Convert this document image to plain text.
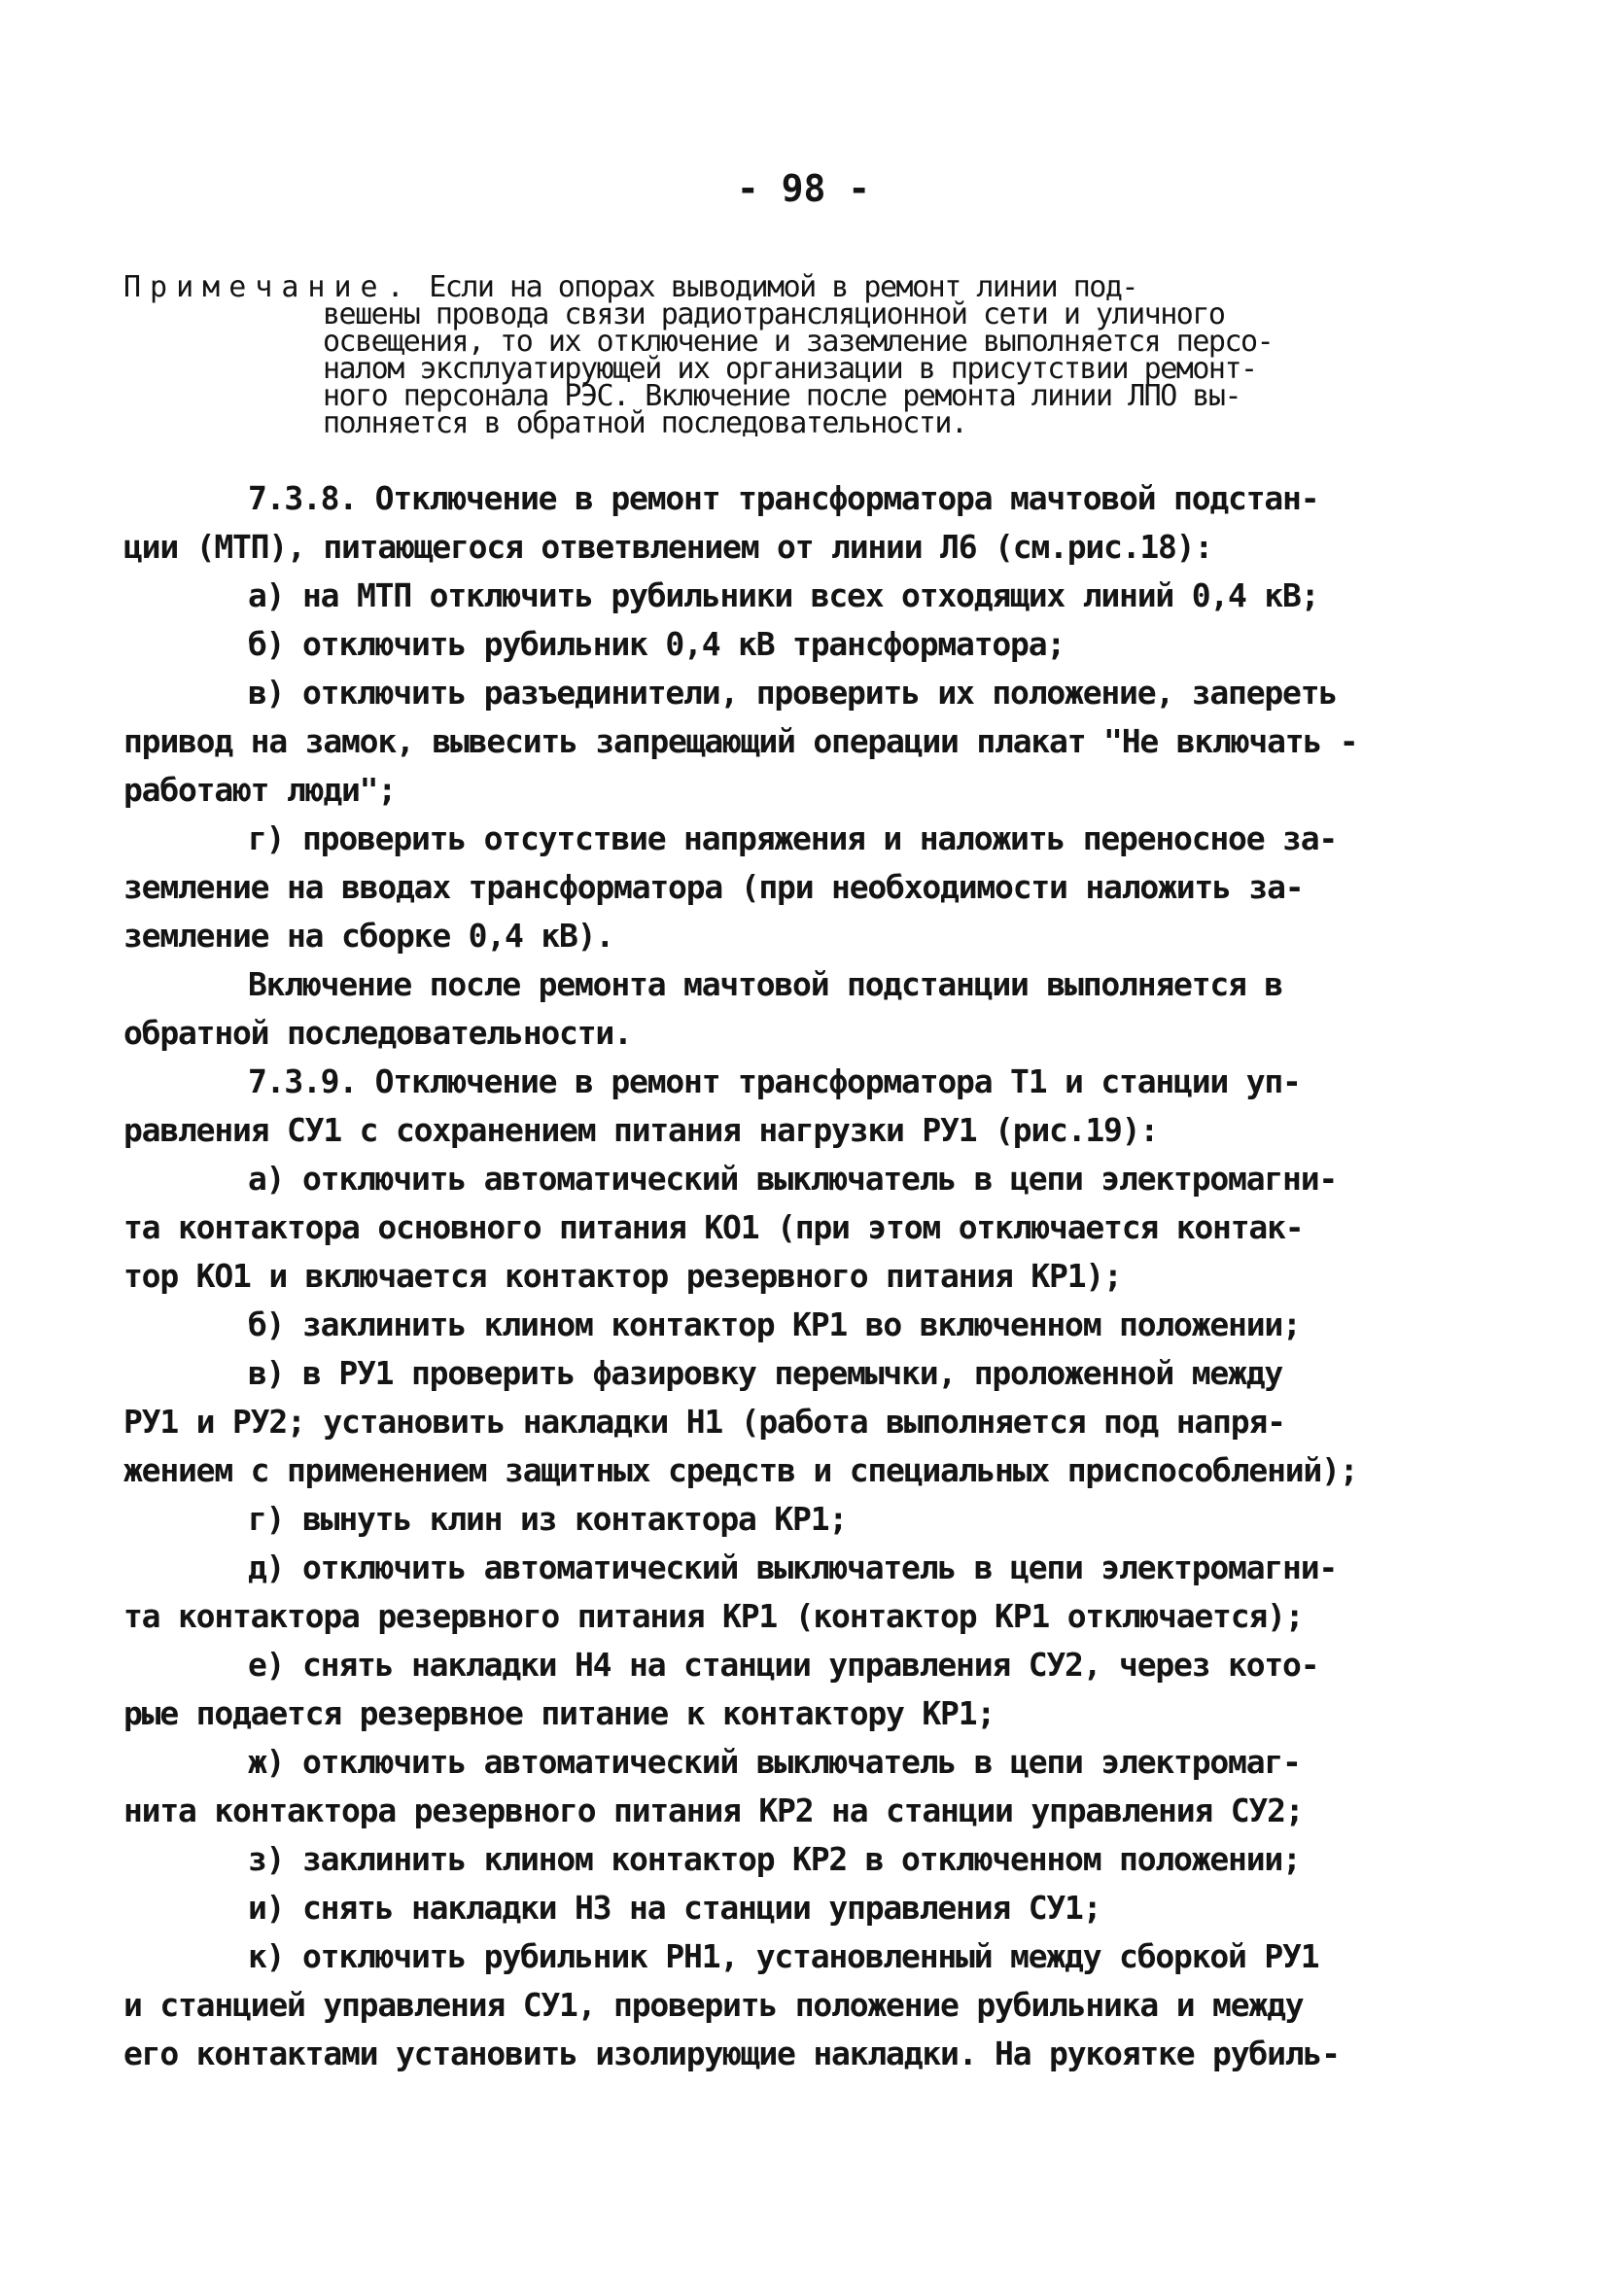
- 98 -
Примечание. Если на опорах выводимой в ремонт линии под-
вешены провода связи радиотрансляционной сети и уличного
освещения, то их отключение и заземление выполняется персо-
налом эксплуатирующей их организации в присутствии ремонт-
ного персонала РЭС. Включение после ремонта линии ЛПО вы-
полняется в обратной последовательности.
7.3.8. Отключение в ремонт трансформатора мачтовой подстан-
ции (МТП), питающегося ответвлением от линии Л6 (см.рис.18):
а) на МТП отключить рубильники всех отходящих линий 0,4 кВ;
б) отключить рубильник 0,4 кВ трансформатора;
в) отключить разъединители, проверить их положение, запереть
привод на замок, вывесить запрещающий операции плакат "Не включать -
работают люди";
г) проверить отсутствие напряжения и наложить переносное за-
земление на вводах трансформатора (при необходимости наложить за-
земление на сборке 0,4 кВ).
Включение после ремонта мачтовой подстанции выполняется в
обратной последовательности.
7.3.9. Отключение в ремонт трансформатора Т1 и станции уп-
равления СУ1 с сохранением питания нагрузки РУ1 (рис.19):
а) отключить автоматический выключатель в цепи электромагни-
та контактора основного питания КО1 (при этом отключается контак-
тор КО1 и включается контактор резервного питания КР1);
б) заклинить клином контактор КР1 во включенном положении;
в) в РУ1 проверить фазировку перемычки, проложенной между
РУ1 и РУ2; установить накладки Н1 (работа выполняется под напря-
жением с применением защитных средств и специальных приспособлений);
г) вынуть клин из контактора КР1;
д) отключить автоматический выключатель в цепи электромагни-
та контактора резервного питания КР1 (контактор КР1 отключается);
е) снять накладки Н4 на станции управления СУ2, через кото-
рые подается резервное питание к контактору КР1;
ж) отключить автоматический выключатель в цепи электромаг-
нита контактора резервного питания КР2 на станции управления СУ2;
з) заклинить клином контактор КР2 в отключенном положении;
и) снять накладки Н3 на станции управления СУ1;
к) отключить рубильник РН1, установленный между сборкой РУ1
и станцией управления СУ1, проверить положение рубильника и между
его контактами установить изолирующие накладки. На рукоятке рубиль-
